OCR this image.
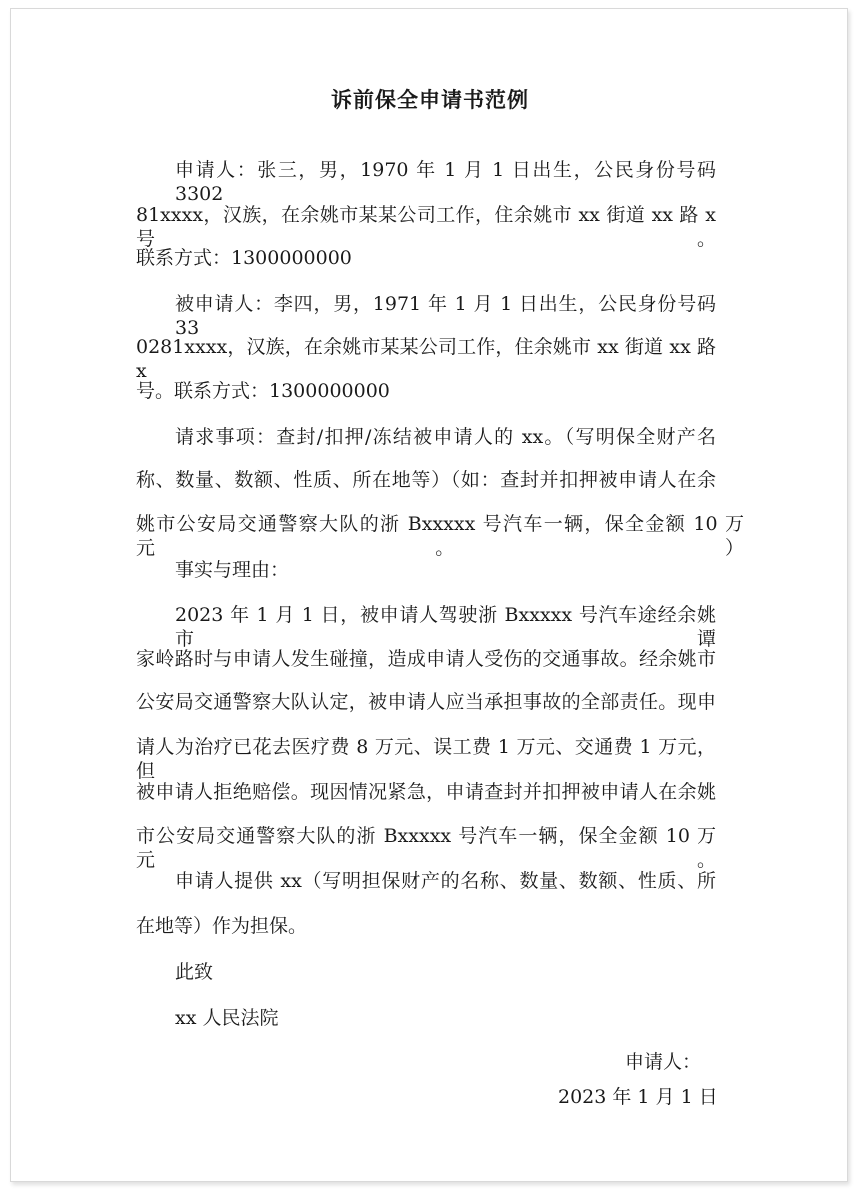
诉前保全申请书范例
申请人：张三，男，1970 年 1 月 1 日出生，公民身份号码 3302
81xxxx，汉族，在余姚市某某公司工作，住余姚市 xx 街道 xx 路 x 号。
联系方式：1300000000
被申请人：李四，男，1971 年 1 月 1 日出生，公民身份号码 33
0281xxxx，汉族，在余姚市某某公司工作，住余姚市 xx 街道 xx 路 x
号。联系方式：1300000000
请求事项：查封/扣押/冻结被申请人的 xx。（写明保全财产名
称、数量、数额、性质、所在地等）（如：查封并扣押被申请人在余
姚市公安局交通警察大队的浙 Bxxxxx 号汽车一辆，保全金额 10 万元。）
事实与理由：
2023 年 1 月 1 日，被申请人驾驶浙 Bxxxxx 号汽车途经余姚市谭
家岭路时与申请人发生碰撞，造成申请人受伤的交通事故。经余姚市
公安局交通警察大队认定，被申请人应当承担事故的全部责任。现申
请人为治疗已花去医疗费 8 万元、误工费 1 万元、交通费 1 万元，但
被申请人拒绝赔偿。现因情况紧急，申请查封并扣押被申请人在余姚
市公安局交通警察大队的浙 Bxxxxx 号汽车一辆，保全金额 10 万元。
申请人提供 xx（写明担保财产的名称、数量、数额、性质、所
在地等）作为担保。
此致
xx 人民法院
申请人：
2023 年 1 月 1 日
